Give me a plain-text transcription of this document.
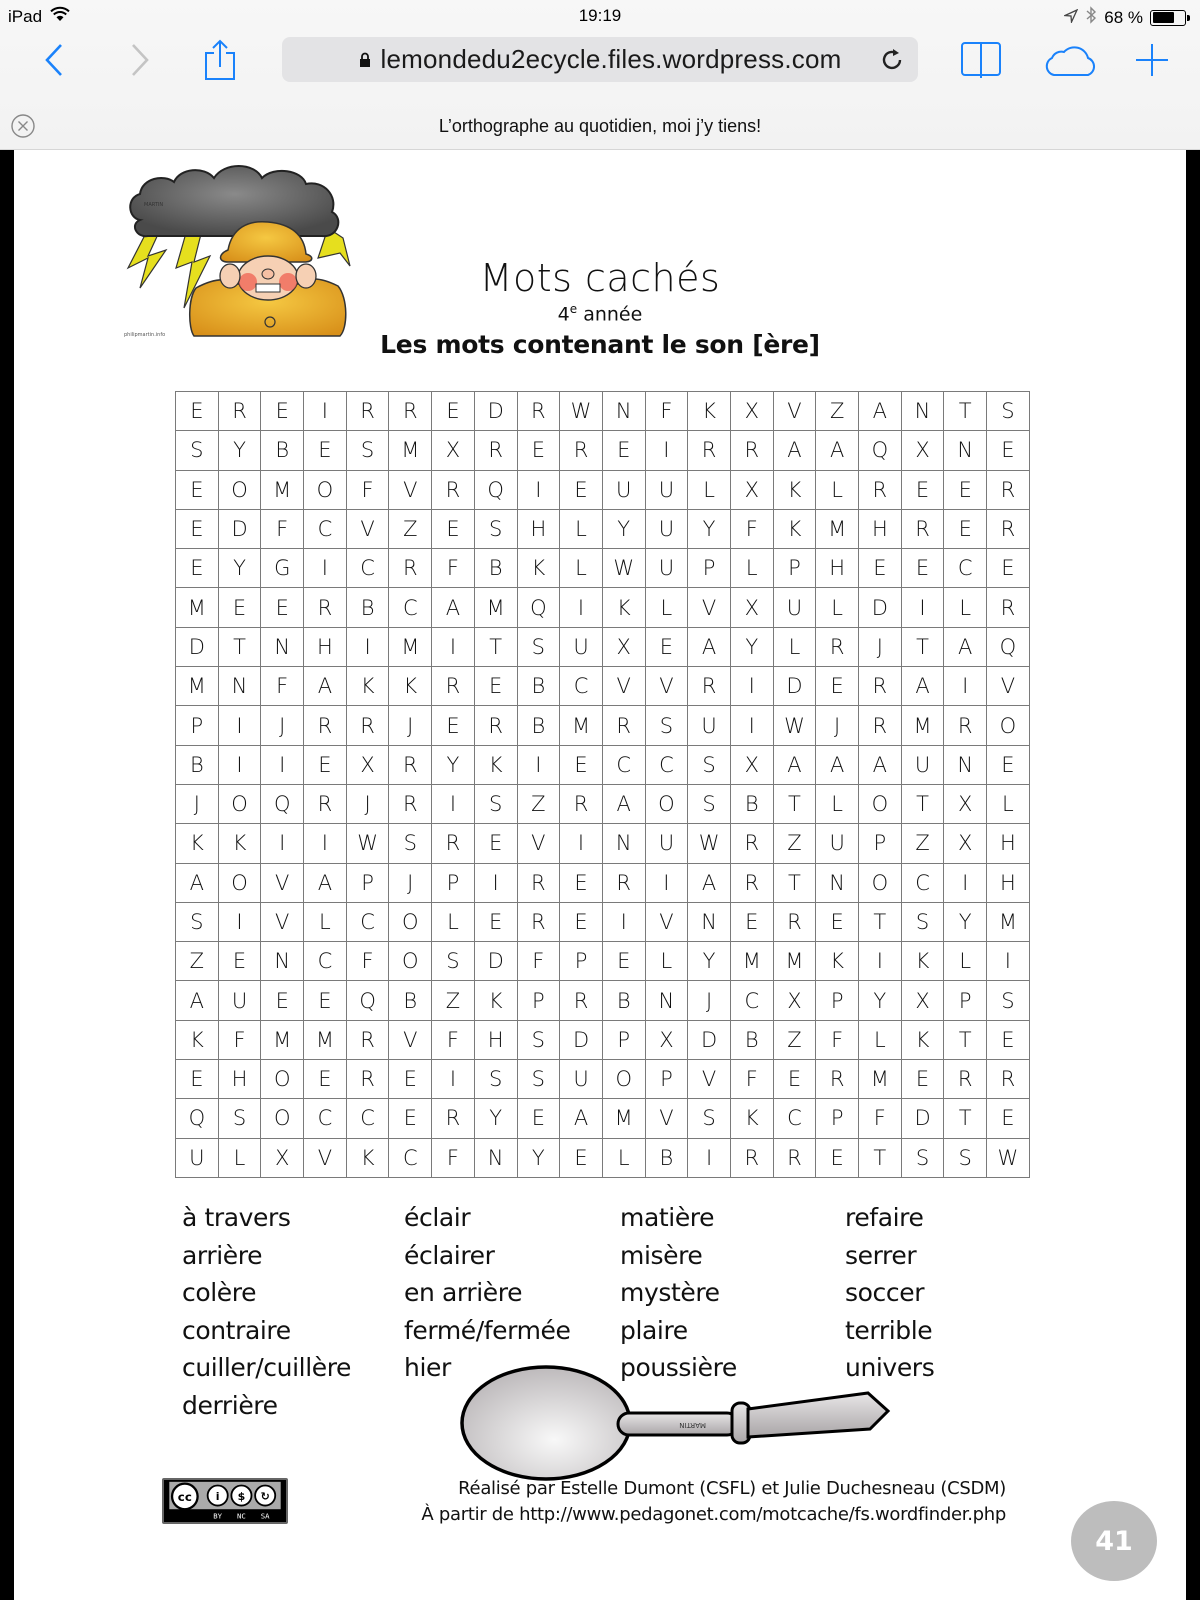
iPad	19:19	68 %
lemondedu2ecycle.files.wordpress.com
L’orthographe au quotidien, moi j’y tiens!
MARTIN
philipmartin.info
Mots cachés
4e année
Les mots contenant le son [ère]
E	R	E	I	R	R	E	D	R	W	N	F	K	X	V	Z	A	N	T	S
S	Y	B	E	S	M	X	R	E	R	E	I	R	R	A	A	Q	X	N	E
E	O	M	O	F	V	R	Q	I	E	U	U	L	X	K	L	R	E	E	R
E	D	F	C	V	Z	E	S	H	L	Y	U	Y	F	K	M	H	R	E	R
E	Y	G	I	C	R	F	B	K	L	W	U	P	L	P	H	E	E	C	E
M	E	E	R	B	C	A	M	Q	I	K	L	V	X	U	L	D	I	L	R
D	T	N	H	I	M	I	T	S	U	X	E	A	Y	L	R	J	T	A	Q
M	N	F	A	K	K	R	E	B	C	V	V	R	I	D	E	R	A	I	V
P	I	J	R	R	J	E	R	B	M	R	S	U	I	W	J	R	M	R	O
B	I	I	E	X	R	Y	K	I	E	C	C	S	X	A	A	A	U	N	E
J	O	Q	R	J	R	I	S	Z	R	A	O	S	B	T	L	O	T	X	L
K	K	I	I	W	S	R	E	V	I	N	U	W	R	Z	U	P	Z	X	H
A	O	V	A	P	J	P	I	R	E	R	I	A	R	T	N	O	C	I	H
S	I	V	L	C	O	L	E	R	E	I	V	N	E	R	E	T	S	Y	M
Z	E	N	C	F	O	S	D	F	P	E	L	Y	M	M	K	I	K	L	I
A	U	E	E	Q	B	Z	K	P	R	B	N	J	C	X	P	Y	X	P	S
K	F	M	M	R	V	F	H	S	D	P	X	D	B	Z	F	L	K	T	E
E	H	O	E	R	E	I	S	S	U	O	P	V	F	E	R	M	E	R	R
Q	S	O	C	C	E	R	Y	E	A	M	V	S	K	C	P	F	D	T	E
U	L	X	V	K	C	F	N	Y	E	L	B	I	R	R	E	T	S	S	W
à travers
arrière
colère
contraire
cuiller/cuillère
derrière
éclair
éclairer
en arrière
fermé/fermée
hier
matière
misère
mystère
plaire
poussière
refaire
serrer
soccer
terrible
univers
MARTIN
cc i $ ↻
BY NC SA
Réalisé par Estelle Dumont (CSFL) et Julie Duchesneau (CSDM)
À partir de http://www.pedagonet.com/motcache/fs.wordfinder.php
41
